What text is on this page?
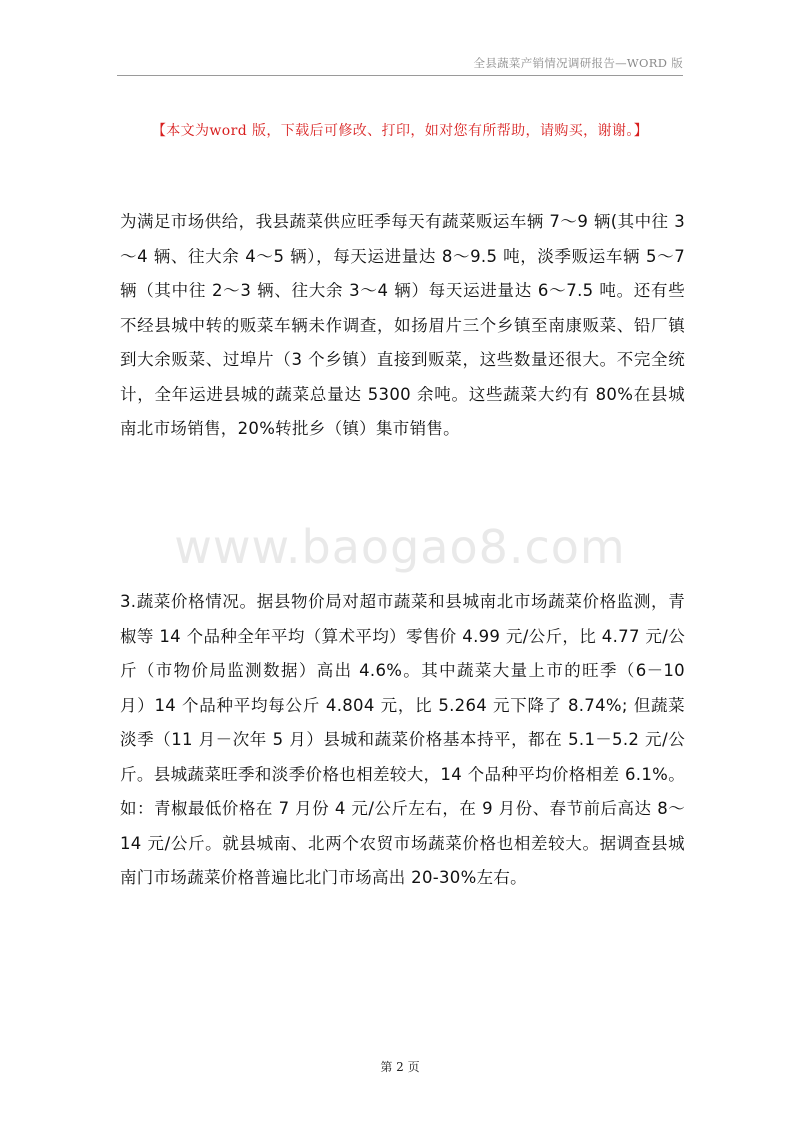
全县蔬菜产销情况调研报告—WORD 版
【本文为word 版，下载后可修改、打印，如对您有所帮助，请购买，谢谢。】

为满足市场供给，我县蔬菜供应旺季每天有蔬菜贩运车辆 7～9 辆(其中往 3～4 辆、往大余 4～5 辆），每天运进量达 8～9.5 吨，淡季贩运车辆 5～7 辆（其中往 2～3 辆、往大余 3～4 辆）每天运进量达 6～7.5 吨。还有些不经县城中转的贩菜车辆未作调查，如扬眉片三个乡镇至南康贩菜、铅厂镇到大余贩菜、过埠片（3 个乡镇）直接到贩菜，这些数量还很大。不完全统计，全年运进县城的蔬菜总量达 5300 余吨。这些蔬菜大约有 80%在县城南北市场销售，20%转批乡（镇）集市销售。

www.baogao8.com

3.蔬菜价格情况。据县物价局对超市蔬菜和县城南北市场蔬菜价格监测，青椒等 14 个品种全年平均（算术平均）零售价 4.99 元/公斤，比 4.77 元/公斤（市物价局监测数据）高出 4.6%。其中蔬菜大量上市的旺季（6－10 月）14 个品种平均每公斤 4.804 元，比 5.264 元下降了 8.74%; 但蔬菜淡季（11 月－次年 5 月）县城和蔬菜价格基本持平，都在 5.1－5.2 元/公斤。县城蔬菜旺季和淡季价格也相差较大，14 个品种平均价格相差 6.1%。如：青椒最低价格在 7 月份 4 元/公斤左右，在 9 月份、春节前后高达 8～14 元/公斤。就县城南、北两个农贸市场蔬菜价格也相差较大。据调查县城南门市场蔬菜价格普遍比北门市场高出 20-30%左右。

第 2 页
